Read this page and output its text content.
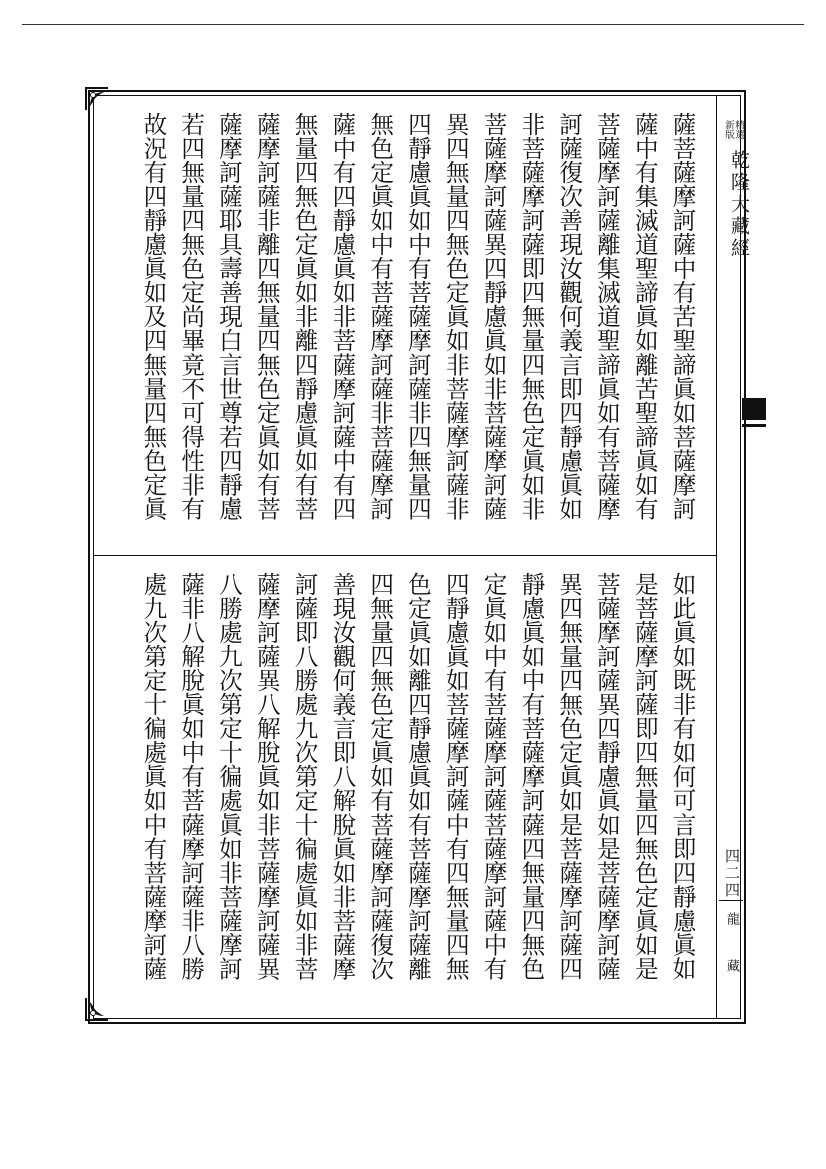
精選
新版
乾隆大藏經
四二四
龍藏
薩菩薩摩訶薩中有苦聖諦眞如菩薩摩訶
薩中有集滅道聖諦眞如離苦聖諦眞如有
菩薩摩訶薩離集滅道聖諦眞如有菩薩摩
訶薩復次善現汝觀何義言即四靜慮眞如
非菩薩摩訶薩即四無量四無色定眞如非
菩薩摩訶薩異四靜慮眞如非菩薩摩訶薩
異四無量四無色定眞如非菩薩摩訶薩非
四靜慮眞如中有菩薩摩訶薩非四無量四
無色定眞如中有菩薩摩訶薩非菩薩摩訶
薩中有四靜慮眞如非菩薩摩訶薩中有四
無量四無色定眞如非離四靜慮眞如有菩
薩摩訶薩非離四無量四無色定眞如有菩
薩摩訶薩耶具壽善現白言世尊若四靜慮
若四無量四無色定尚畢竟不可得性非有
故況有四靜慮眞如及四無量四無色定眞
如此眞如既非有如何可言即四靜慮眞如
是菩薩摩訶薩即四無量四無色定眞如是
菩薩摩訶薩異四靜慮眞如是菩薩摩訶薩
異四無量四無色定眞如是菩薩摩訶薩四
靜慮眞如中有菩薩摩訶薩四無量四無色
定眞如中有菩薩摩訶薩菩薩摩訶薩中有
四靜慮眞如菩薩摩訶薩中有四無量四無
色定眞如離四靜慮眞如有菩薩摩訶薩離
四無量四無色定眞如有菩薩摩訶薩復次
善現汝觀何義言即八解脫眞如非菩薩摩
訶薩即八勝處九次第定十徧處眞如非菩
薩摩訶薩異八解脫眞如非菩薩摩訶薩異
八勝處九次第定十徧處眞如非菩薩摩訶
薩非八解脫眞如中有菩薩摩訶薩非八勝
處九次第定十徧處眞如中有菩薩摩訶薩
